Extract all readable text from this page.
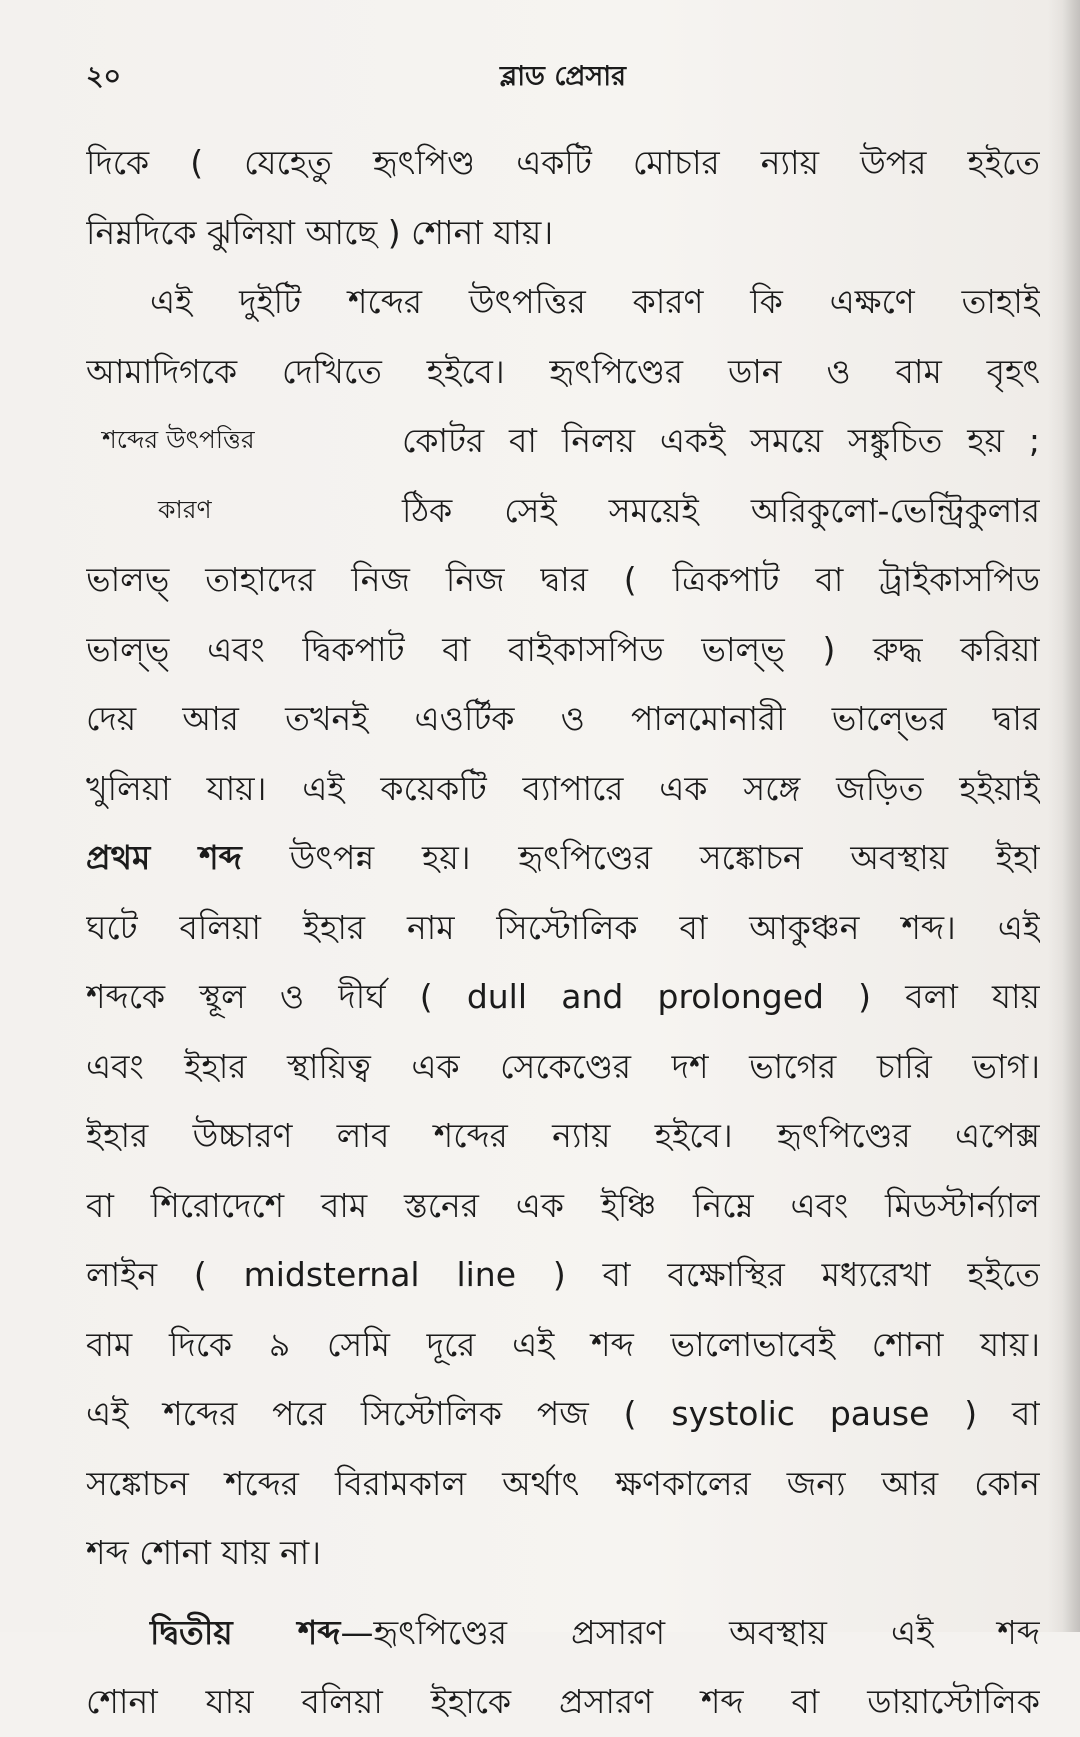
২০	ব্লাড প্রেসার
দিকে ( যেহেতু হৃৎপিণ্ড একটি মোচার ন্যায় উপর হইতে
নিম্নদিকে ঝুলিয়া আছে ) শোনা যায়।
এই দুইটি শব্দের উৎপত্তির কারণ কি এক্ষণে তাহাই
আমাদিগকে দেখিতে হইবে। হৃৎপিণ্ডের ডান ও বাম বৃহৎ
শব্দের উৎপত্তির	কোটর বা নিলয় একই সময়ে সঙ্কুচিত হয় ;
কারণ	ঠিক সেই সময়েই অরিকুলো-ভেন্ট্রিকুলার
ভালভ্ তাহাদের নিজ নিজ দ্বার ( ত্রিকপাট বা ট্রাইকাসপিড
ভাল্ভ্ এবং দ্বিকপাট বা বাইকাসপিড ভাল্ভ্ ) রুদ্ধ করিয়া
দেয় আর তখনই এওর্টিক ও পালমোনারী ভাল্ভের দ্বার
খুলিয়া যায়। এই কয়েকটি ব্যাপারে এক সঙ্গে জড়িত হইয়াই
প্রথম শব্দ উৎপন্ন হয়। হৃৎপিণ্ডের সঙ্কোচন অবস্থায় ইহা
ঘটে বলিয়া ইহার নাম সিস্টোলিক বা আকুঞ্চন শব্দ। এই
শব্দকে স্থূল ও দীর্ঘ ( dull and prolonged ) বলা যায়
এবং ইহার স্থায়িত্ব এক সেকেণ্ডের দশ ভাগের চারি ভাগ।
ইহার উচ্চারণ লাব শব্দের ন্যায় হইবে। হৃৎপিণ্ডের এপেক্স
বা শিরোদেশে বাম স্তনের এক ইঞ্চি নিম্নে এবং মিডস্টার্ন্যাল
লাইন ( midsternal line ) বা বক্ষোস্থির মধ্যরেখা হইতে
বাম দিকে ৯ সেমি দূরে এই শব্দ ভালোভাবেই শোনা যায়।
এই শব্দের পরে সিস্টোলিক পজ ( systolic pause ) বা
সঙ্কোচন শব্দের বিরামকাল অর্থাৎ ক্ষণকালের জন্য আর কোন
শব্দ শোনা যায় না।
দ্বিতীয় শব্দ—হৃৎপিণ্ডের প্রসারণ অবস্থায় এই শব্দ
শোনা যায় বলিয়া ইহাকে প্রসারণ শব্দ বা ডায়াস্টোলিক
